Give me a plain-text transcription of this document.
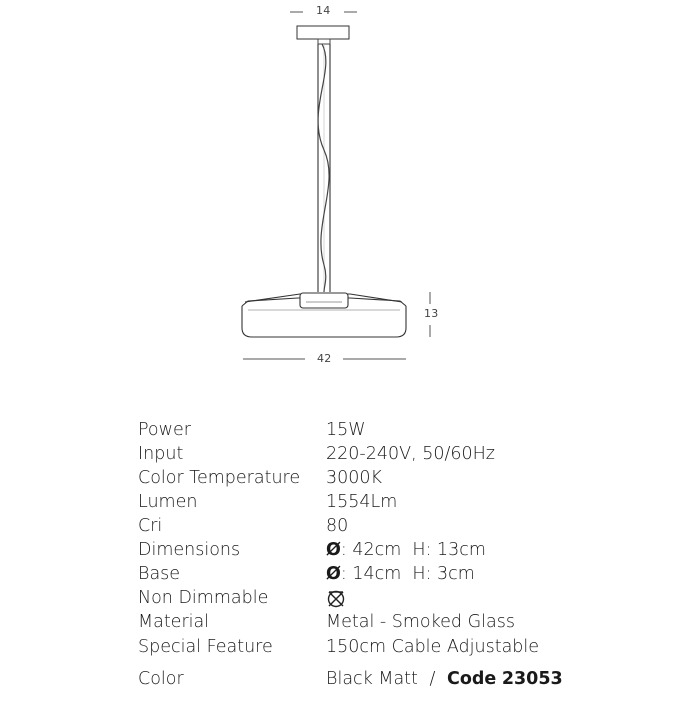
14
13
42
Power	15W
Input	220-240V, 50/60Hz
Color Temperature 3000K
Lumen	1554Lm
Cri	80
Dimensions	Ø: 42cm  H: 13cm
Base	Ø: 14cm  H: 3cm
Non Dimmable
Material	Metal - Smoked Glass
Special Feature	150cm Cable Adjustable
Color	Black Matt / Code 23053
